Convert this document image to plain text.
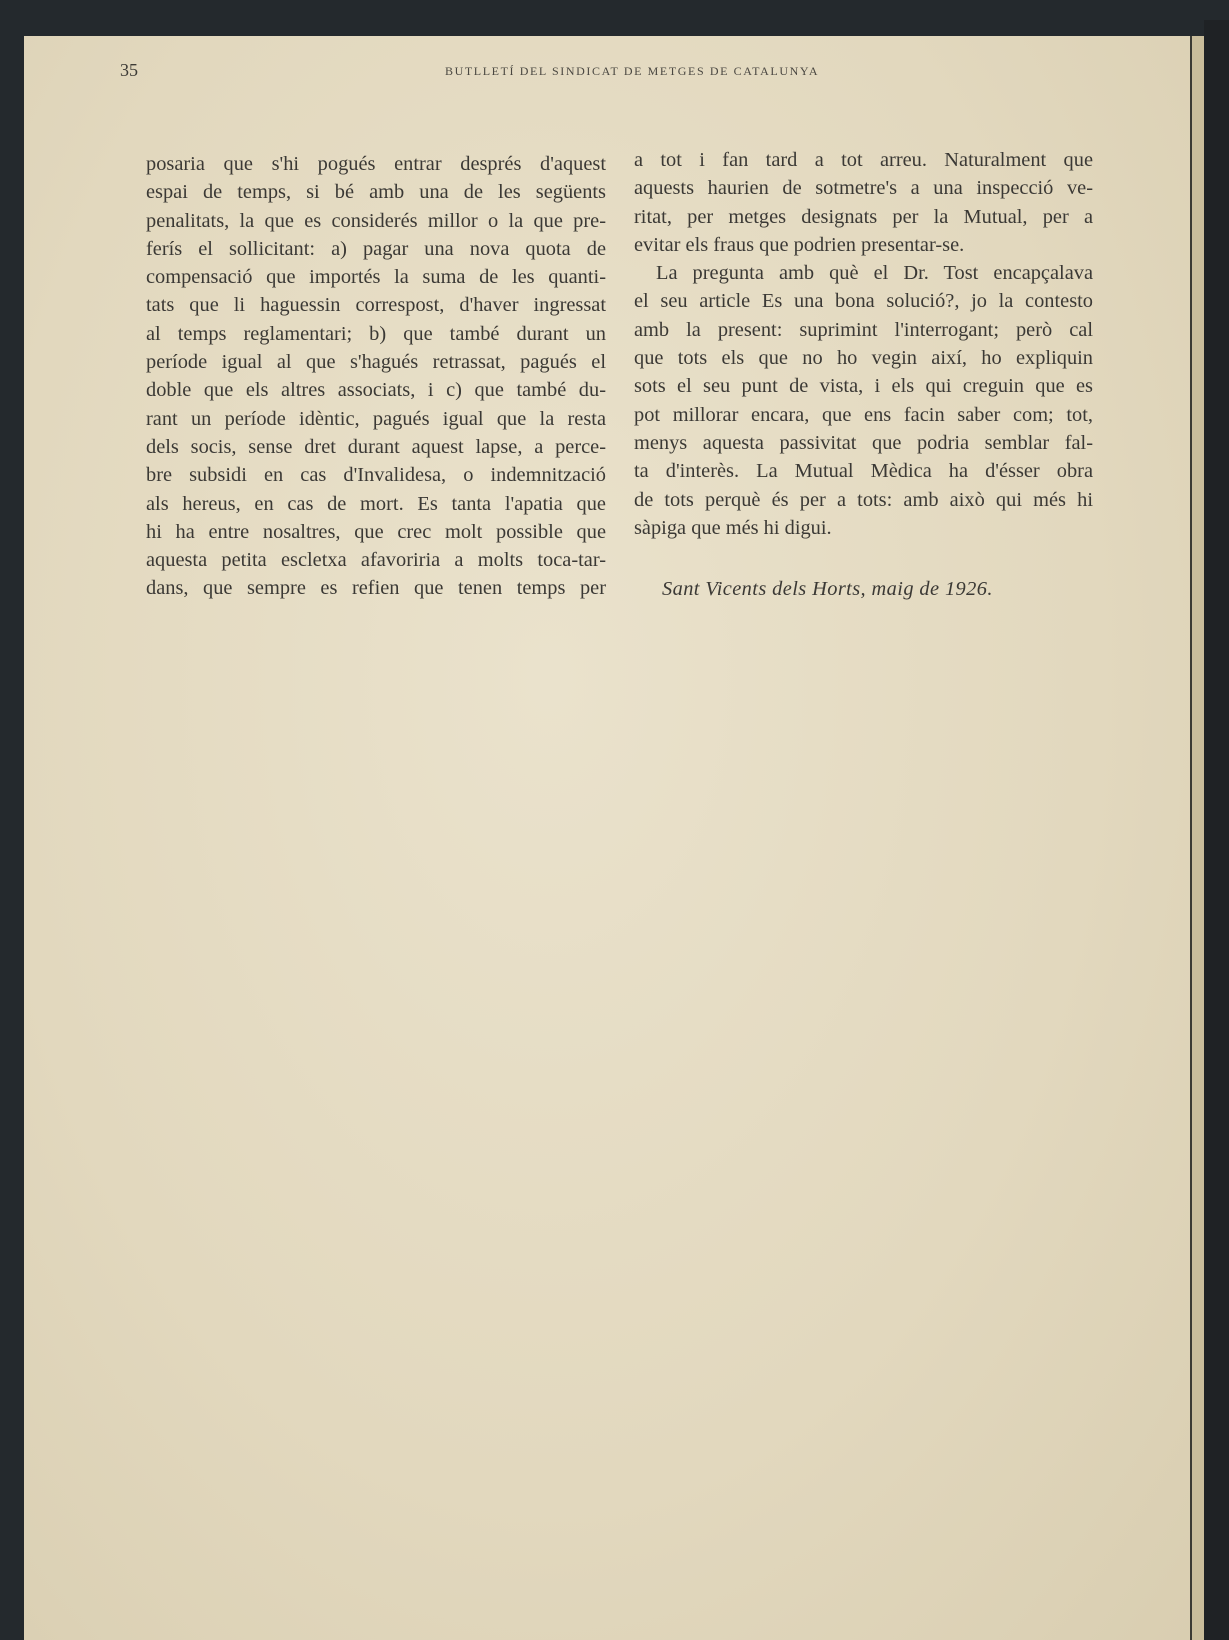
35	BUTLLETÍ DEL SINDICAT DE METGES DE CATALUNYA
posaria que s'hi pogués entrar després d'aquest
espai de temps, si bé amb una de les següents
penalitats, la que es considerés millor o la que pre-
ferís el sollicitant: a) pagar una nova quota de
compensació que importés la suma de les quanti-
tats que li haguessin correspost, d'haver ingressat
al temps reglamentari; b) que també durant un
període igual al que s'hagués retrassat, pagués el
doble que els altres associats, i c) que també du-
rant un període idèntic, pagués igual que la resta
dels socis, sense dret durant aquest lapse, a perce-
bre subsidi en cas d'Invalidesa, o indemnització
als hereus, en cas de mort. Es tanta l'apatia que
hi ha entre nosaltres, que crec molt possible que
aquesta petita escletxa afavoriria a molts toca-tar-
dans, que sempre es refien que tenen temps per
a tot i fan tard a tot arreu. Naturalment que
aquests haurien de sotmetre's a una inspecció ve-
ritat, per metges designats per la Mutual, per a
evitar els fraus que podrien presentar-se.
La pregunta amb què el Dr. Tost encapçalava
el seu article Es una bona solució?, jo la contesto
amb la present: suprimint l'interrogant; però cal
que tots els que no ho vegin així, ho expliquin
sots el seu punt de vista, i els qui creguin que es
pot millorar encara, que ens facin saber com; tot,
menys aquesta passivitat que podria semblar fal-
ta d'interès. La Mutual Mèdica ha d'ésser obra
de tots perquè és per a tots: amb això qui més hi
sàpiga que més hi digui.
Sant Vicents dels Horts, maig de 1926.
